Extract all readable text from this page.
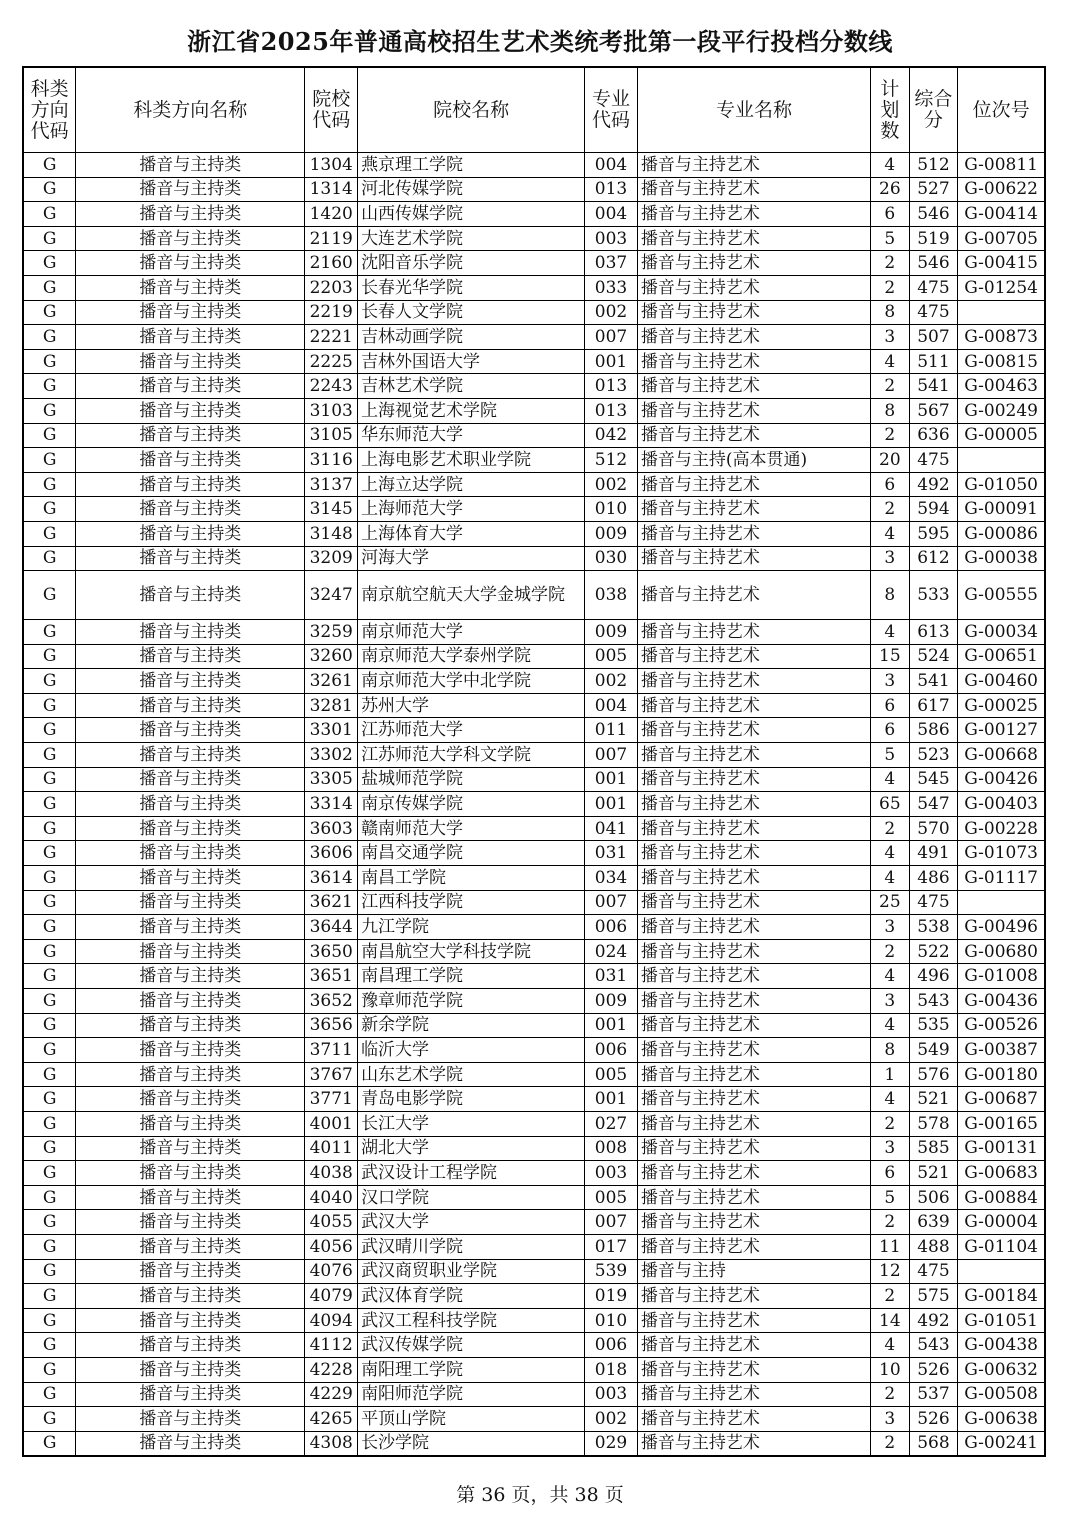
浙江省2025年普通高校招生艺术类统考批第一段平行投档分数线
科类方向代码	科类方向名称	院校代码	院校名称	专业代码	专业名称	计划数	综合分	位次号
G	播音与主持类	1304	燕京理工学院	004	播音与主持艺术	4	512	G-00811
G	播音与主持类	1314	河北传媒学院	013	播音与主持艺术	26	527	G-00622
G	播音与主持类	1420	山西传媒学院	004	播音与主持艺术	6	546	G-00414
G	播音与主持类	2119	大连艺术学院	003	播音与主持艺术	5	519	G-00705
G	播音与主持类	2160	沈阳音乐学院	037	播音与主持艺术	2	546	G-00415
G	播音与主持类	2203	长春光华学院	033	播音与主持艺术	2	475	G-01254
G	播音与主持类	2219	长春人文学院	002	播音与主持艺术	8	475	
G	播音与主持类	2221	吉林动画学院	007	播音与主持艺术	3	507	G-00873
G	播音与主持类	2225	吉林外国语大学	001	播音与主持艺术	4	511	G-00815
G	播音与主持类	2243	吉林艺术学院	013	播音与主持艺术	2	541	G-00463
G	播音与主持类	3103	上海视觉艺术学院	013	播音与主持艺术	8	567	G-00249
G	播音与主持类	3105	华东师范大学	042	播音与主持艺术	2	636	G-00005
G	播音与主持类	3116	上海电影艺术职业学院	512	播音与主持(高本贯通)	20	475	
G	播音与主持类	3137	上海立达学院	002	播音与主持艺术	6	492	G-01050
G	播音与主持类	3145	上海师范大学	010	播音与主持艺术	2	594	G-00091
G	播音与主持类	3148	上海体育大学	009	播音与主持艺术	4	595	G-00086
G	播音与主持类	3209	河海大学	030	播音与主持艺术	3	612	G-00038
G	播音与主持类	3247	南京航空航天大学金城学院	038	播音与主持艺术	8	533	G-00555
G	播音与主持类	3259	南京师范大学	009	播音与主持艺术	4	613	G-00034
G	播音与主持类	3260	南京师范大学泰州学院	005	播音与主持艺术	15	524	G-00651
G	播音与主持类	3261	南京师范大学中北学院	002	播音与主持艺术	3	541	G-00460
G	播音与主持类	3281	苏州大学	004	播音与主持艺术	6	617	G-00025
G	播音与主持类	3301	江苏师范大学	011	播音与主持艺术	6	586	G-00127
G	播音与主持类	3302	江苏师范大学科文学院	007	播音与主持艺术	5	523	G-00668
G	播音与主持类	3305	盐城师范学院	001	播音与主持艺术	4	545	G-00426
G	播音与主持类	3314	南京传媒学院	001	播音与主持艺术	65	547	G-00403
G	播音与主持类	3603	赣南师范大学	041	播音与主持艺术	2	570	G-00228
G	播音与主持类	3606	南昌交通学院	031	播音与主持艺术	4	491	G-01073
G	播音与主持类	3614	南昌工学院	034	播音与主持艺术	4	486	G-01117
G	播音与主持类	3621	江西科技学院	007	播音与主持艺术	25	475	
G	播音与主持类	3644	九江学院	006	播音与主持艺术	3	538	G-00496
G	播音与主持类	3650	南昌航空大学科技学院	024	播音与主持艺术	2	522	G-00680
G	播音与主持类	3651	南昌理工学院	031	播音与主持艺术	4	496	G-01008
G	播音与主持类	3652	豫章师范学院	009	播音与主持艺术	3	543	G-00436
G	播音与主持类	3656	新余学院	001	播音与主持艺术	4	535	G-00526
G	播音与主持类	3711	临沂大学	006	播音与主持艺术	8	549	G-00387
G	播音与主持类	3767	山东艺术学院	005	播音与主持艺术	1	576	G-00180
G	播音与主持类	3771	青岛电影学院	001	播音与主持艺术	4	521	G-00687
G	播音与主持类	4001	长江大学	027	播音与主持艺术	2	578	G-00165
G	播音与主持类	4011	湖北大学	008	播音与主持艺术	3	585	G-00131
G	播音与主持类	4038	武汉设计工程学院	003	播音与主持艺术	6	521	G-00683
G	播音与主持类	4040	汉口学院	005	播音与主持艺术	5	506	G-00884
G	播音与主持类	4055	武汉大学	007	播音与主持艺术	2	639	G-00004
G	播音与主持类	4056	武汉晴川学院	017	播音与主持艺术	11	488	G-01104
G	播音与主持类	4076	武汉商贸职业学院	539	播音与主持	12	475	
G	播音与主持类	4079	武汉体育学院	019	播音与主持艺术	2	575	G-00184
G	播音与主持类	4094	武汉工程科技学院	010	播音与主持艺术	14	492	G-01051
G	播音与主持类	4112	武汉传媒学院	006	播音与主持艺术	4	543	G-00438
G	播音与主持类	4228	南阳理工学院	018	播音与主持艺术	10	526	G-00632
G	播音与主持类	4229	南阳师范学院	003	播音与主持艺术	2	537	G-00508
G	播音与主持类	4265	平顶山学院	002	播音与主持艺术	3	526	G-00638
G	播音与主持类	4308	长沙学院	029	播音与主持艺术	2	568	G-00241
第 36 页，共 38 页
